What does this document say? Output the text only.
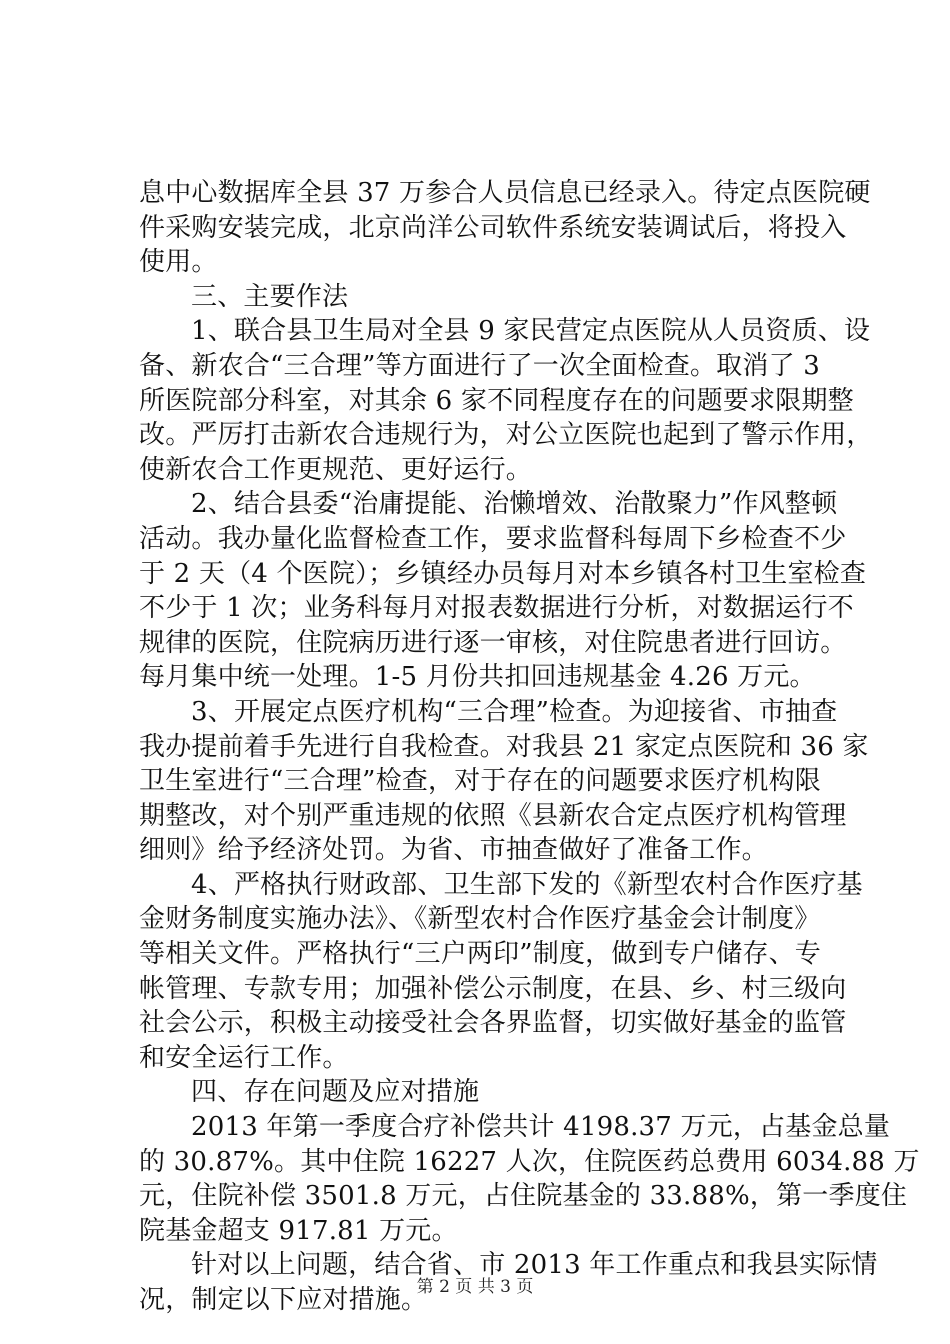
息中心数据库全县 37 万参合人员信息已经录入。待定点医院硬
件采购安装完成，北京尚洋公司软件系统安装调试后，将投入
使用。
三、主要作法
1、联合县卫生局对全县 9 家民营定点医院从人员资质、设
备、新农合“三合理”等方面进行了一次全面检查。取消了 3
所医院部分科室，对其余 6 家不同程度存在的问题要求限期整
改。严厉打击新农合违规行为，对公立医院也起到了警示作用，
使新农合工作更规范、更好运行。
2、结合县委“治庸提能、治懒增效、治散聚力”作风整顿
活动。我办量化监督检查工作，要求监督科每周下乡检查不少
于 2 天（4 个医院）；乡镇经办员每月对本乡镇各村卫生室检查
不少于 1 次；业务科每月对报表数据进行分析，对数据运行不
规律的医院，住院病历进行逐一审核，对住院患者进行回访。
每月集中统一处理。1-5 月份共扣回违规基金 4.26 万元。
3、开展定点医疗机构“三合理”检查。为迎接省、市抽查
我办提前着手先进行自我检查。对我县 21 家定点医院和 36 家
卫生室进行“三合理”检查，对于存在的问题要求医疗机构限
期整改，对个别严重违规的依照《县新农合定点医疗机构管理
细则》给予经济处罚。为省、市抽查做好了准备工作。
4、严格执行财政部、卫生部下发的《新型农村合作医疗基
金财务制度实施办法》、《新型农村合作医疗基金会计制度》
等相关文件。严格执行“三户两印”制度，做到专户储存、专
帐管理、专款专用；加强补偿公示制度，在县、乡、村三级向
社会公示，积极主动接受社会各界监督，切实做好基金的监管
和安全运行工作。
四、存在问题及应对措施
2013 年第一季度合疗补偿共计 4198.37 万元，占基金总量
的 30.87%。其中住院 16227 人次，住院医药总费用 6034.88 万
元，住院补偿 3501.8 万元，占住院基金的 33.88%，第一季度住
院基金超支 917.81 万元。
针对以上问题，结合省、市 2013 年工作重点和我县实际情
况，制定以下应对措施。
第 2 页 共 3 页
